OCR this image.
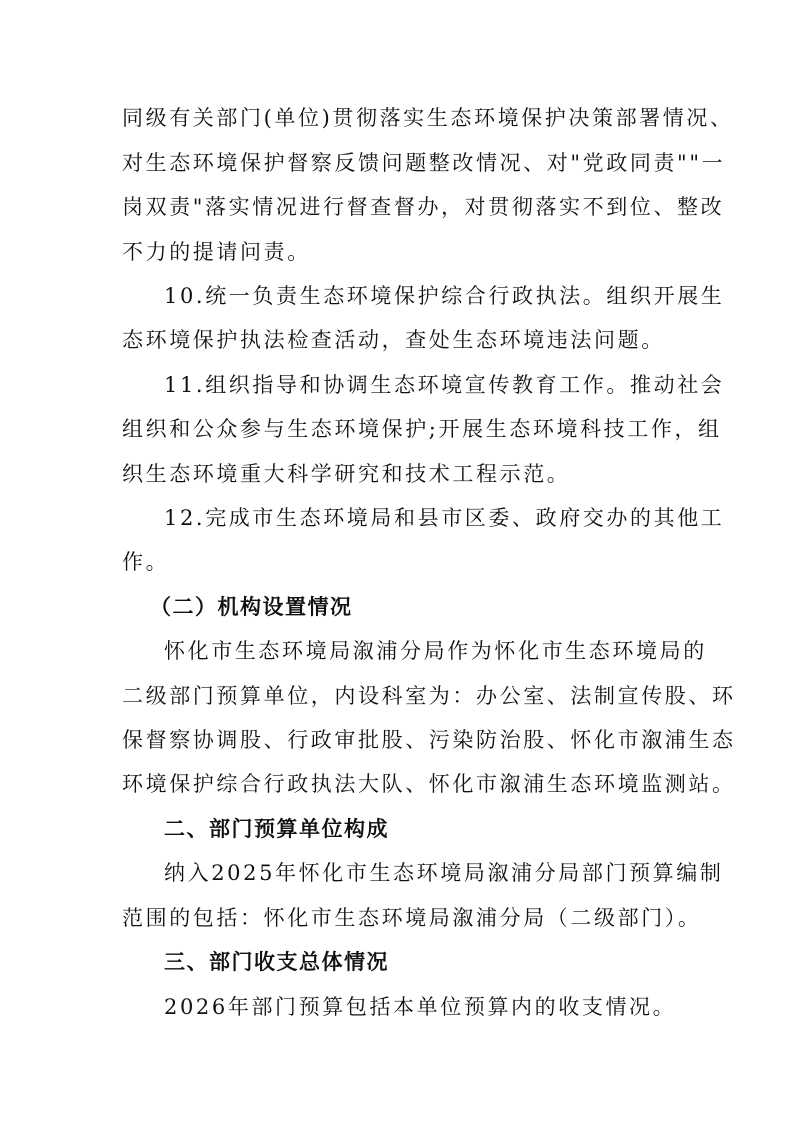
同级有关部门(单位)贯彻落实生态环境保护决策部署情况、
对生态环境保护督察反馈问题整改情况、对"党政同责""一
岗双责"落实情况进行督查督办，对贯彻落实不到位、整改
不力的提请问责。
10.统一负责生态环境保护综合行政执法。组织开展生
态环境保护执法检查活动，查处生态环境违法问题。
11.组织指导和协调生态环境宣传教育工作。推动社会
组织和公众参与生态环境保护;开展生态环境科技工作，组
织生态环境重大科学研究和技术工程示范。
12.完成市生态环境局和县市区委、政府交办的其他工
作。
（二）机构设置情况
怀化市生态环境局溆浦分局作为怀化市生态环境局的
二级部门预算单位，内设科室为：办公室、法制宣传股、环
保督察协调股、行政审批股、污染防治股、怀化市溆浦生态
环境保护综合行政执法大队、怀化市溆浦生态环境监测站。
二、部门预算单位构成
纳入2025年怀化市生态环境局溆浦分局部门预算编制
范围的包括：怀化市生态环境局溆浦分局（二级部门）。
三、部门收支总体情况
2026年部门预算包括本单位预算内的收支情况。
